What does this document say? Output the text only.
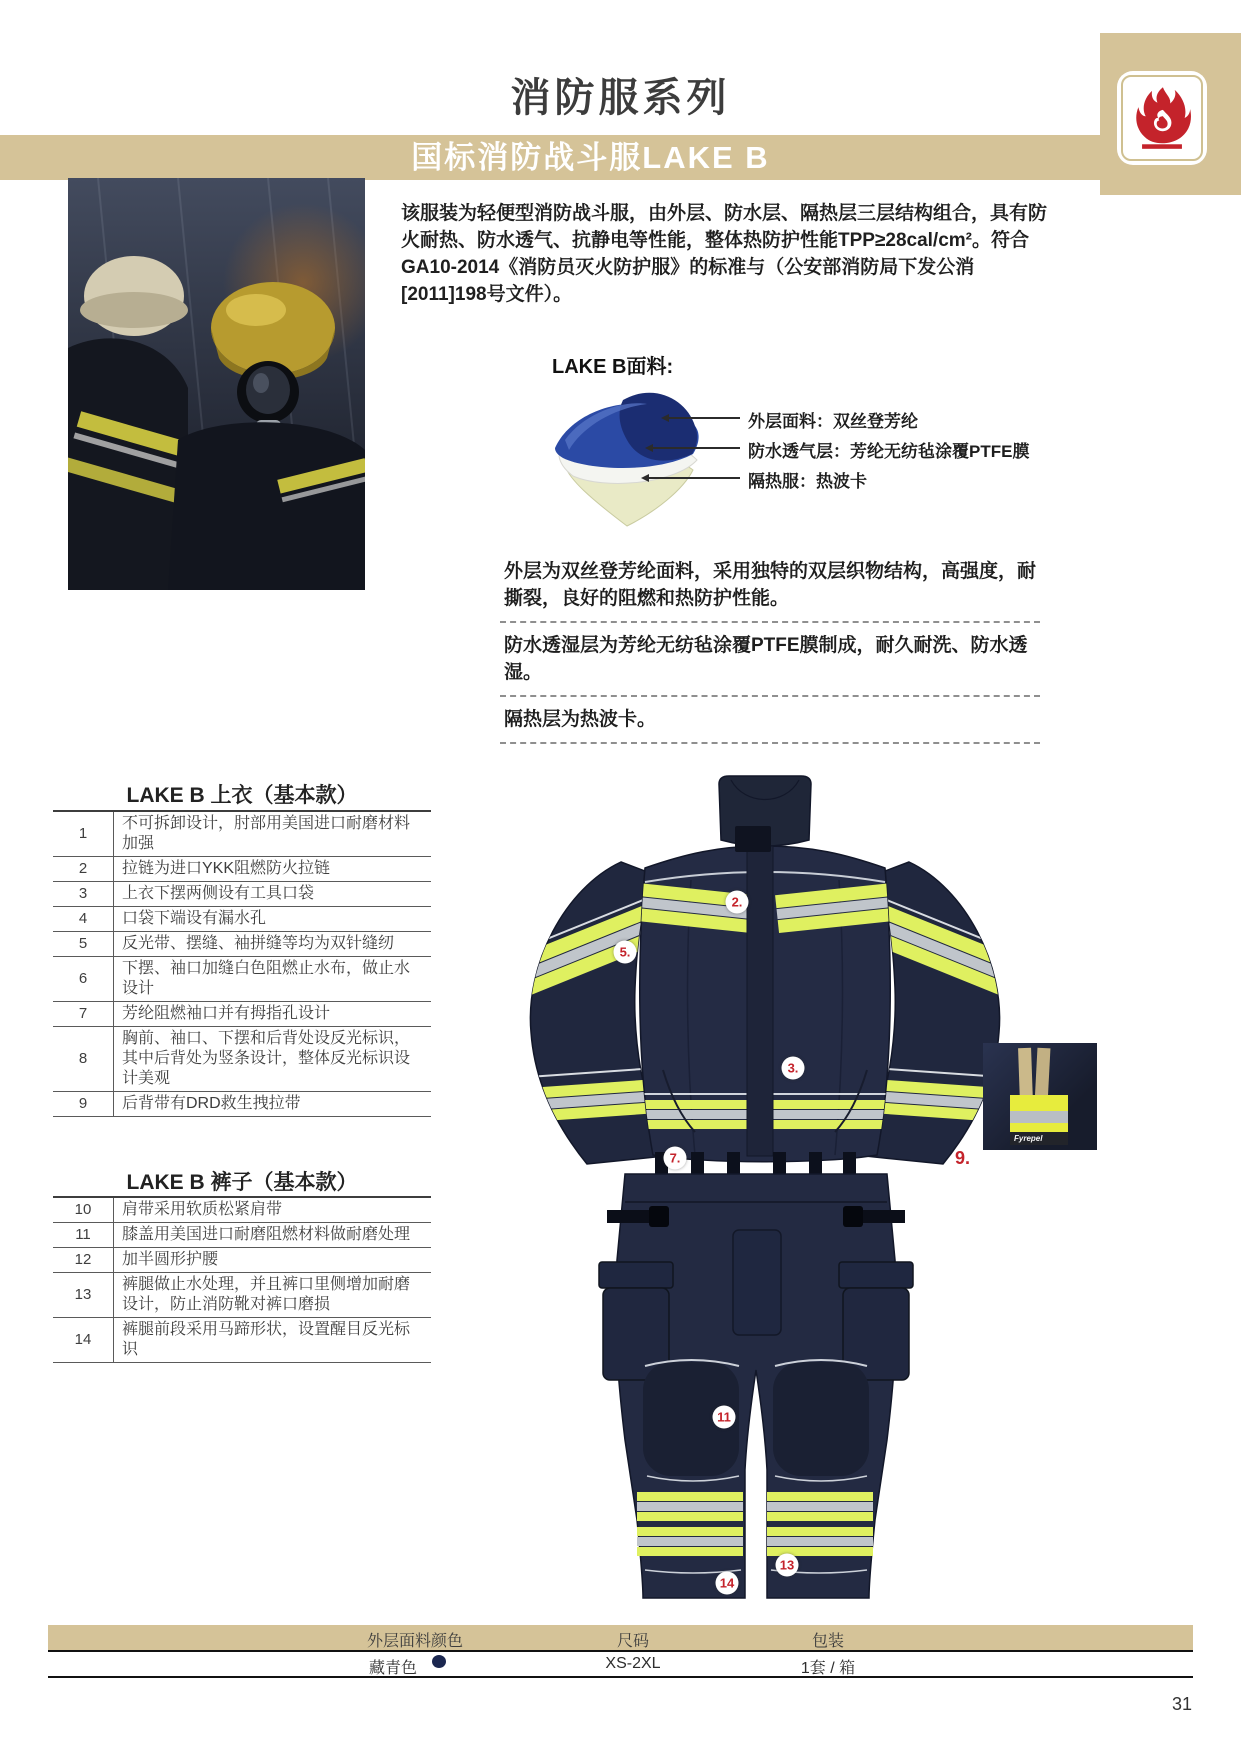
消防服系列
国标消防战斗服LAKE B
该服装为轻便型消防战斗服，由外层、防水层、隔热层三层结构组合，具有防
火耐热、防水透气、抗静电等性能，整体热防护性能TPP≥28cal/cm²。符合
GA10-2014《消防员灭火防护服》的标准与（公安部消防局下发公消
[2011]198号文件）。
LAKE B面料:
外层面料：双丝登芳纶
防水透气层：芳纶无纺毡涂覆PTFE膜
隔热服：热波卡
外层为双丝登芳纶面料，采用独特的双层织物结构，高强度，耐撕裂，良好的阻燃和热防护性能。
防水透湿层为芳纶无纺毡涂覆PTFE膜制成，耐久耐洗、防水透湿。
隔热层为热波卡。
LAKE B 上衣（基本款）
1	不可拆卸设计，肘部用美国进口耐磨材料加强
2	拉链为进口YKK阻燃防火拉链
3	上衣下摆两侧设有工具口袋
4	口袋下端设有漏水孔
5	反光带、摆缝、袖拼缝等均为双针缝纫
6	下摆、袖口加缝白色阻燃止水布，做止水设计
7	芳纶阻燃袖口并有拇指孔设计
8	胸前、袖口、下摆和后背处设反光标识，其中后背处为竖条设计，整体反光标识设计美观
9	后背带有DRD救生拽拉带
LAKE B 裤子（基本款）
10	肩带采用软质松紧肩带
11	膝盖用美国进口耐磨阻燃材料做耐磨处理
12	加半圆形护腰
13	裤腿做止水处理，并且裤口里侧增加耐磨设计，防止消防靴对裤口磨损
14	裤腿前段采用马蹄形状，设置醒目反光标识
2.
5.
3.
7.
11
13
14
9.
Fyrepel
外层面料颜色	尺码	包装
藏青色	XS-2XL	1套 / 箱
31
